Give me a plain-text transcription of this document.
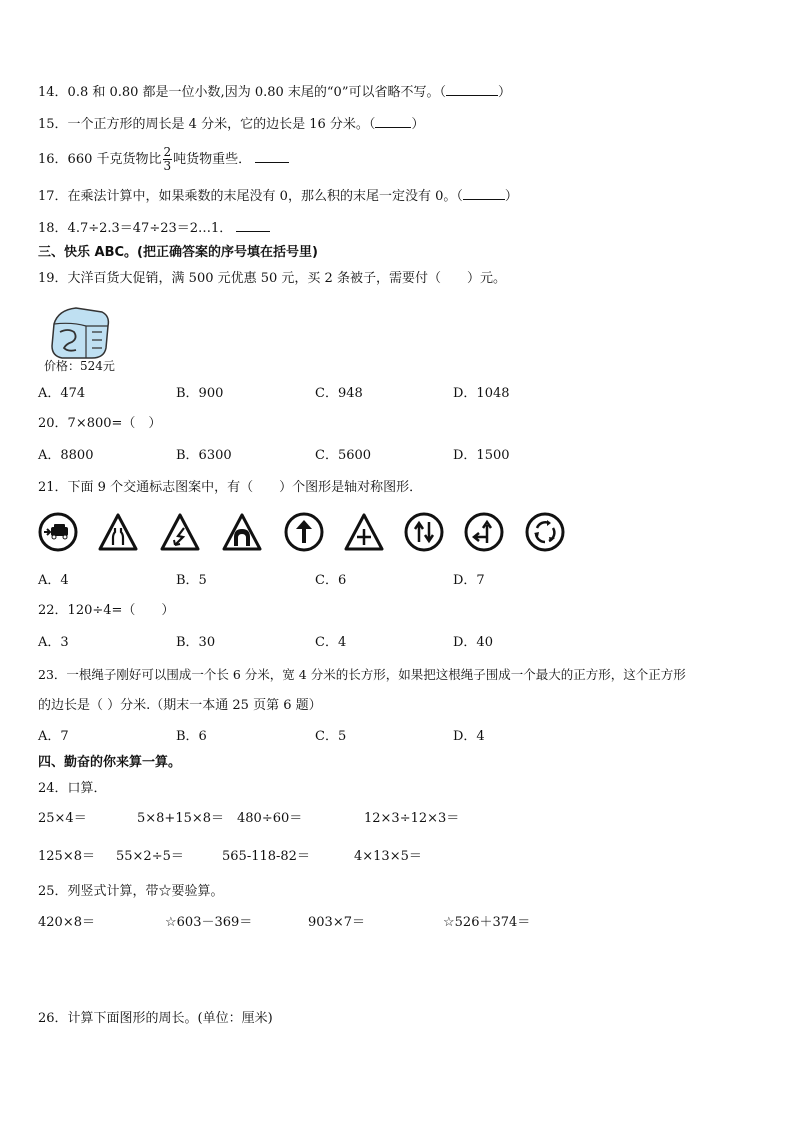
14．0.8 和 0.80 都是一位小数,因为 0.80 末尾的“0”可以省略不写。（	）
15．一个正方形的周长是 4 分米，它的边长是 16 分米。（	）
16．660 千克货物比 $\frac{2}{3}$ 吨货物重些．
17．在乘法计算中，如果乘数的末尾没有 0，那么积的末尾一定没有 0。（	）
18．4.7÷2.3＝47÷23＝2…1．
三、快乐 ABC。(把正确答案的序号填在括号里)
19．大洋百货大促销，满 500 元优惠 50 元，买 2 条被子，需要付（　　）元。
价格：524元
A．474	B．900	C．948	D．1048
20．7×800=（　）
A．8800	B．6300	C．5600	D．1500
21．下面 9 个交通标志图案中，有（　　）个图形是轴对称图形．
A．4	B．5	C．6	D．7
22．120÷4=（　　）
A．3	B．30	C．4	D．40
23．一根绳子刚好可以围成一个长 6 分米，宽 4 分米的长方形，如果把这根绳子围成一个最大的正方形，这个正方形
的边长是（ ）分米.（期末一本通 25 页第 6 题）
A．7	B．6	C．5	D．4
四、勤奋的你来算一算。
24．口算．
25×4＝	5×8+15×8＝ 480÷60＝	12×3÷12×3＝
125×8＝ 55×2÷5＝	565-118-82＝	4×13×5＝
25．列竖式计算，带☆要验算。
420×8＝	☆603－369＝	903×7＝	☆526＋374＝
26．计算下面图形的周长。(单位：厘米)
